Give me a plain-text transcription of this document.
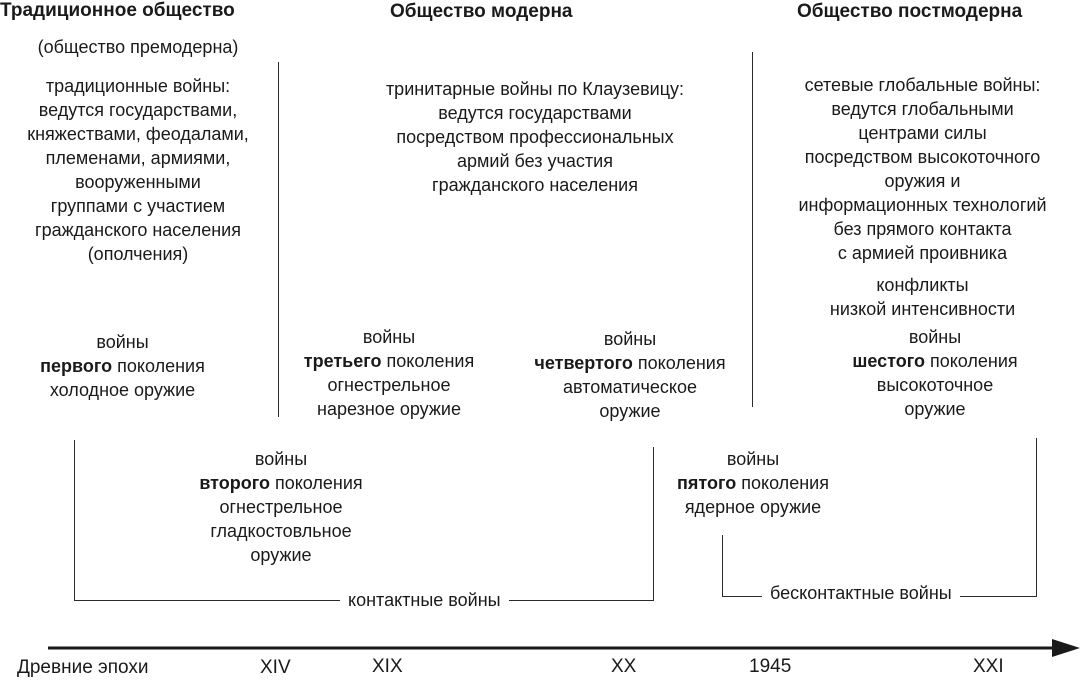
Традиционное общество	Общество модерна	Общество постмодерна
(общество премодерна)
традиционные войны:
ведутся государствами,
княжествами, феодалами,
племенами, армиями,
вооруженными
группами с участием
гражданского населения
(ополчения)
тринитарные войны по Клаузевицу:
ведутся государствами
посредством профессиональных
армий без участия
гражданского населения
сетевые глобальные войны:
ведутся глобальными
центрами силы
посредством высокоточного
оружия и
информационных технологий
без прямого контакта
с армией проивника
конфликты
низкой интенсивности
войны
первого поколения
холодное оружие
войны
второго поколения
огнестрельное
гладкостовльное
оружие
войны
третьего поколения
огнестрельное
нарезное оружие
войны
четвертого поколения
автоматическое
оружие
войны
пятого поколения
ядерное оружие
войны
шестого поколения
высокоточное
оружие
контактные войны	бесконтактные войны
Древние эпохи	XIV	XIX	XX	1945	XXI
